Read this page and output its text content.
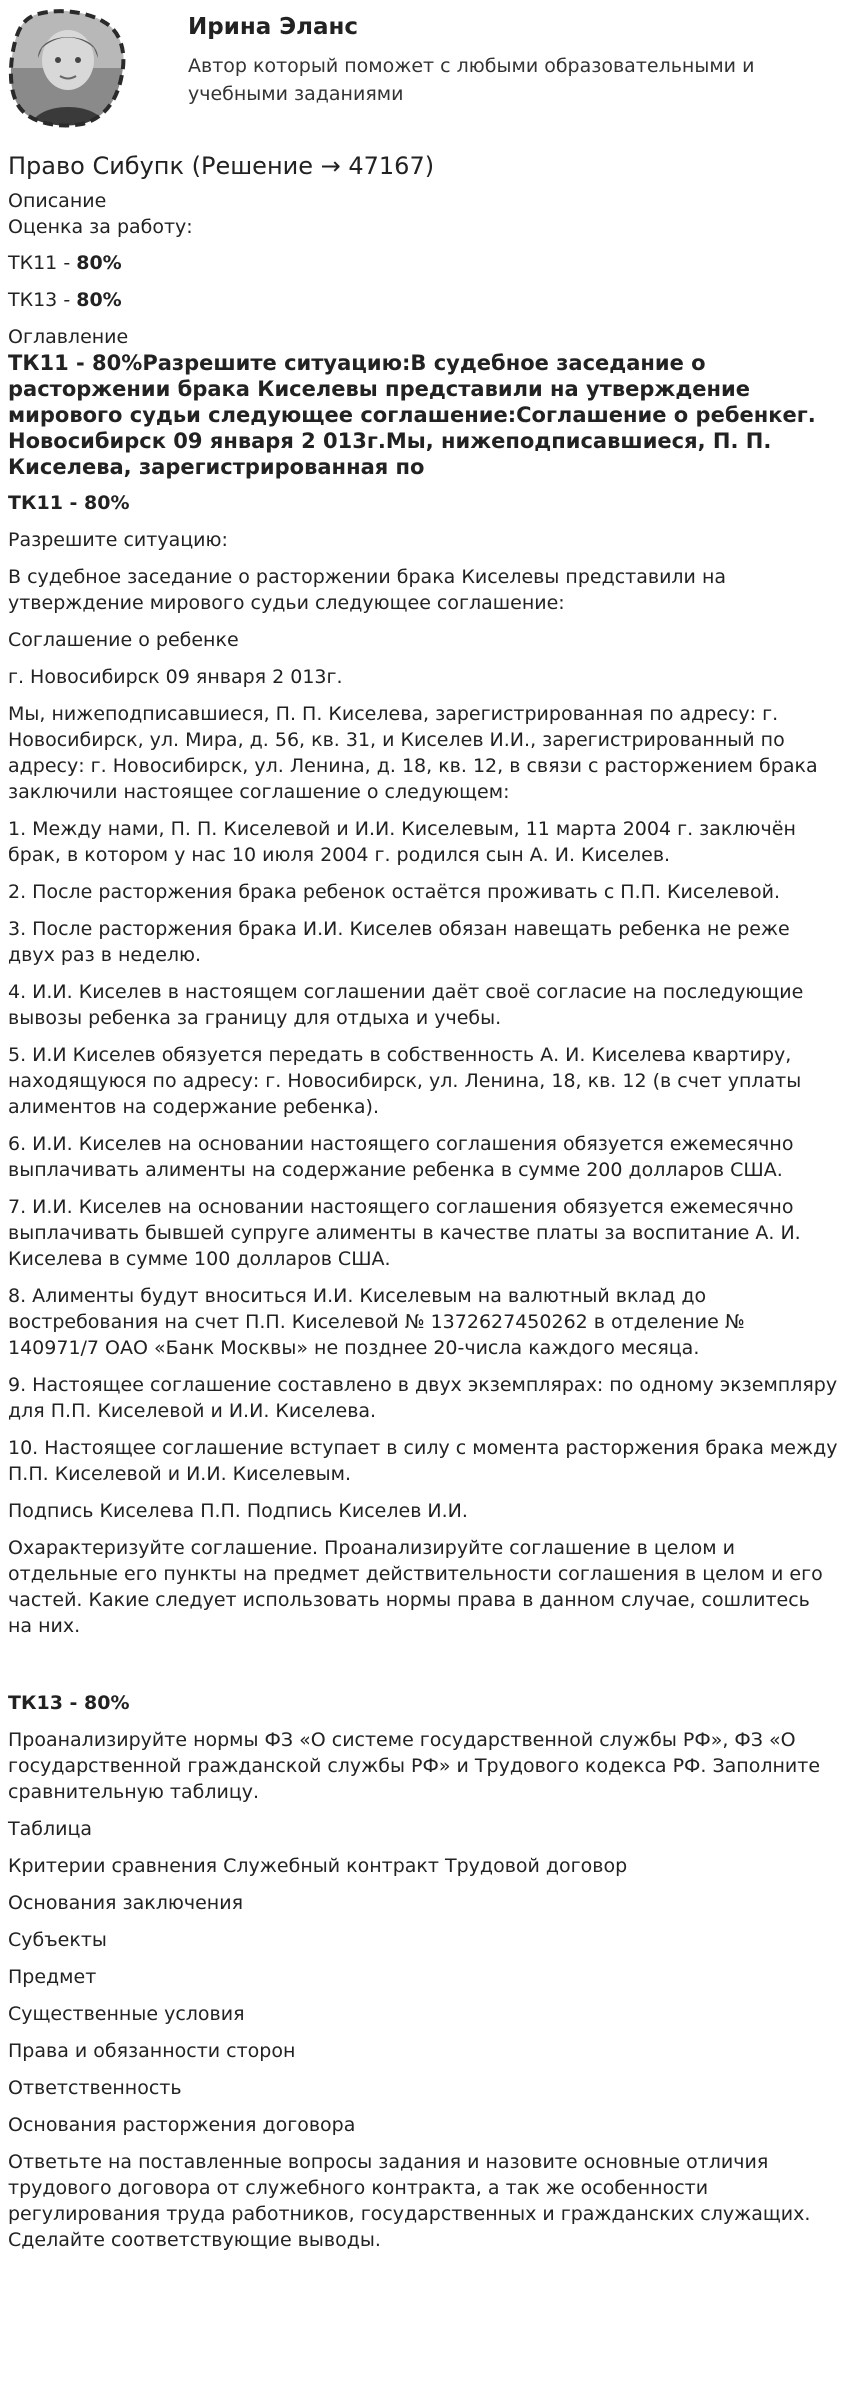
Ирина Эланс

Автор который поможет с любыми образовательными и учебными заданиями

Право Сибупк (Решение → 47167)

Описание

Оценка за работу:

ТК11 - 80%

ТК13 - 80%

Оглавление

ТК11 - 80%Разрешите ситуацию:В судебное заседание о расторжении брака Киселевы представили на утверждение мирового судьи следующее соглашение:Соглашение о ребенкег. Новосибирск 09 января 2 013г.Мы, нижеподписавшиеся, П. П. Киселева, зарегистрированная по

ТК11 - 80%

Разрешите ситуацию:

В судебное заседание о расторжении брака Киселевы представили на утверждение мирового судьи следующее соглашение:

Соглашение о ребенке

г. Новосибирск 09 января 2 013г.

Мы, нижеподписавшиеся, П. П. Киселева, зарегистрированная по адресу: г. Новосибирск, ул. Мира, д. 56, кв. 31, и Киселев И.И., зарегистрированный по адресу: г. Новосибирск, ул. Ленина, д. 18, кв. 12, в связи с расторжением брака заключили настоящее соглашение о следующем:

1. Между нами, П. П. Киселевой и И.И. Киселевым, 11 марта 2004 г. заключён брак, в котором у нас 10 июля 2004 г. родился сын А. И. Киселев.

2. После расторжения брака ребенок остаётся проживать с П.П. Киселевой.

3. После расторжения брака И.И. Киселев обязан навещать ребенка не реже двух раз в неделю.

4. И.И. Киселев в настоящем соглашении даёт своё согласие на последующие вывозы ребенка за границу для отдыха и учебы.

5. И.И Киселев обязуется передать в собственность А. И. Киселева квартиру, находящуюся по адресу: г. Новосибирск, ул. Ленина, 18, кв. 12 (в счет уплаты алиментов на содержание ребенка).

6. И.И. Киселев на основании настоящего соглашения обязуется ежемесячно выплачивать алименты на содержание ребенка в сумме 200 долларов США.

7. И.И. Киселев на основании настоящего соглашения обязуется ежемесячно выплачивать бывшей супруге алименты в качестве платы за воспитание А. И. Киселева в сумме 100 долларов США.

8. Алименты будут вноситься И.И. Киселевым на валютный вклад до востребования на счет П.П. Киселевой № 1372627450262 в отделение № 140971/7 ОАО «Банк Москвы» не позднее 20-числа каждого месяца.

9. Настоящее соглашение составлено в двух экземплярах: по одному экземпляру для П.П. Киселевой и И.И. Киселева.

10. Настоящее соглашение вступает в силу с момента расторжения брака между П.П. Киселевой и И.И. Киселевым.

Подпись Киселева П.П. Подпись Киселев И.И.

Охарактеризуйте соглашение. Проанализируйте соглашение в целом и отдельные его пункты на предмет действительности соглашения в целом и его частей. Какие следует использовать нормы права в данном случае, сошлитесь на них.

ТК13 - 80%

Проанализируйте нормы ФЗ «О системе государственной службы РФ», ФЗ «О государственной гражданской службы РФ» и Трудового кодекса РФ. Заполните сравнительную таблицу.

Таблица

Критерии сравнения Служебный контракт Трудовой договор

Основания заключения

Субъекты

Предмет

Существенные условия

Права и обязанности сторон

Ответственность

Основания расторжения договора

Ответьте на поставленные вопросы задания и назовите основные отличия трудового договора от служебного контракта, а так же особенности регулирования труда работников, государственных и гражданских служащих. Сделайте соответствующие выводы.
